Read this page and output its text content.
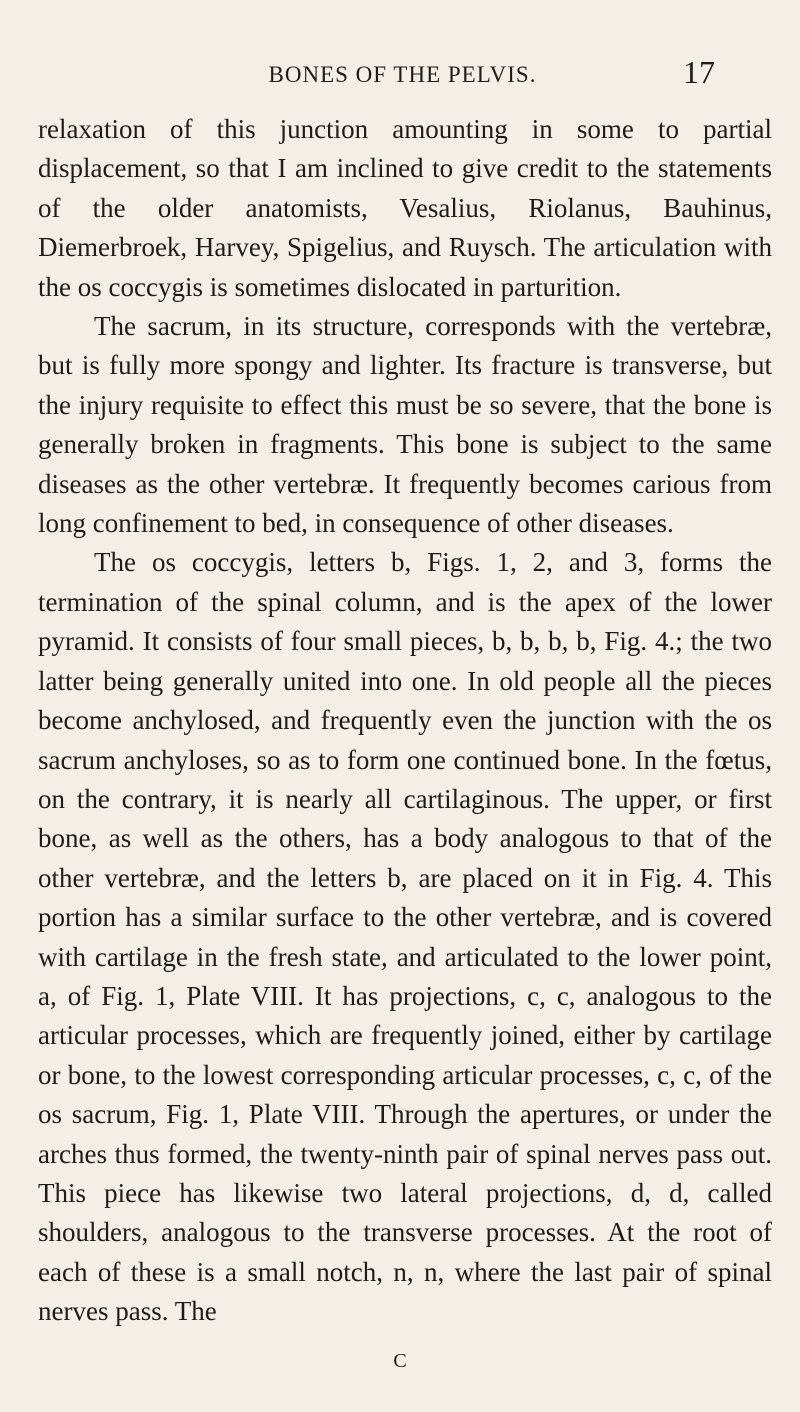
BONES OF THE PELVIS.	17

relaxation of this junction amounting in some to partial displacement, so that I am inclined to give credit to the statements of the older anatomists, Vesalius, Riolanus, Bauhinus, Diemerbroek, Harvey, Spigelius, and Ruysch. The articulation with the os coccygis is sometimes dislocated in parturition.

The sacrum, in its structure, corresponds with the vertebræ, but is fully more spongy and lighter. Its fracture is transverse, but the injury requisite to effect this must be so severe, that the bone is generally broken in fragments. This bone is subject to the same diseases as the other vertebræ. It frequently becomes carious from long confinement to bed, in consequence of other diseases.

The os coccygis, letters b, Figs. 1, 2, and 3, forms the termination of the spinal column, and is the apex of the lower pyramid. It consists of four small pieces, b, b, b, b, Fig. 4.; the two latter being generally united into one. In old people all the pieces become anchylosed, and frequently even the junction with the os sacrum anchyloses, so as to form one continued bone. In the fœtus, on the contrary, it is nearly all cartilaginous. The upper, or first bone, as well as the others, has a body analogous to that of the other vertebræ, and the letters b, are placed on it in Fig. 4. This portion has a similar surface to the other vertebræ, and is covered with cartilage in the fresh state, and articulated to the lower point, a, of Fig. 1, Plate VIII. It has projections, c, c, analogous to the articular processes, which are frequently joined, either by cartilage or bone, to the lowest corresponding articular processes, c, c, of the os sacrum, Fig. 1, Plate VIII. Through the apertures, or under the arches thus formed, the twenty-ninth pair of spinal nerves pass out. This piece has likewise two lateral projections, d, d, called shoulders, analogous to the transverse processes. At the root of each of these is a small notch, n, n, where the last pair of spinal nerves pass. The

C
